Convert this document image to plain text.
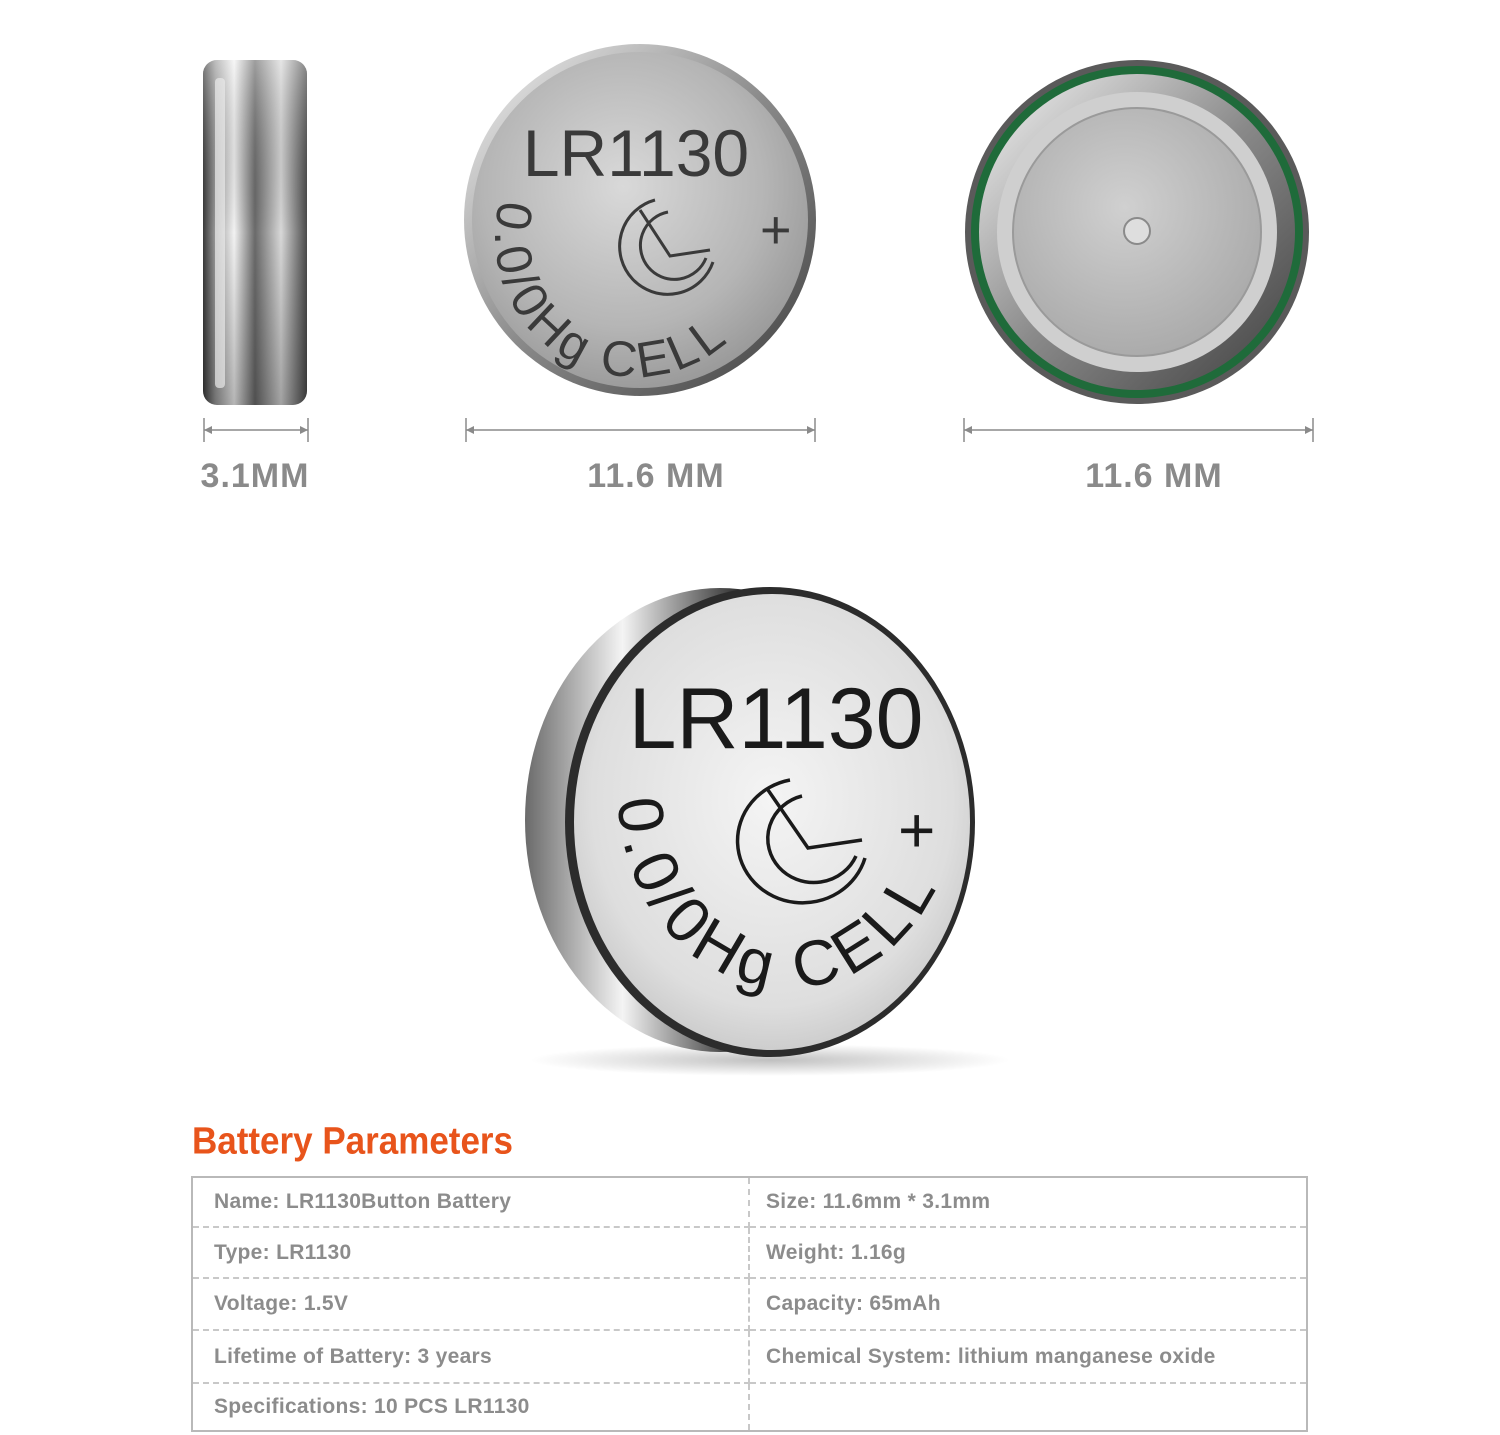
LR1130
+
0.0/0Hg CELL
LR1130
+
0.0/0Hg CELL
3.1MM	11.6 MM	11.6 MM
Battery Parameters
Name: LR1130Button Battery	Size: 11.6mm * 3.1mm
Type: LR1130	Weight: 1.16g
Voltage: 1.5V	Capacity: 65mAh
Lifetime of Battery: 3 years	Chemical System: lithium manganese oxide
Specifications: 10 PCS LR1130
